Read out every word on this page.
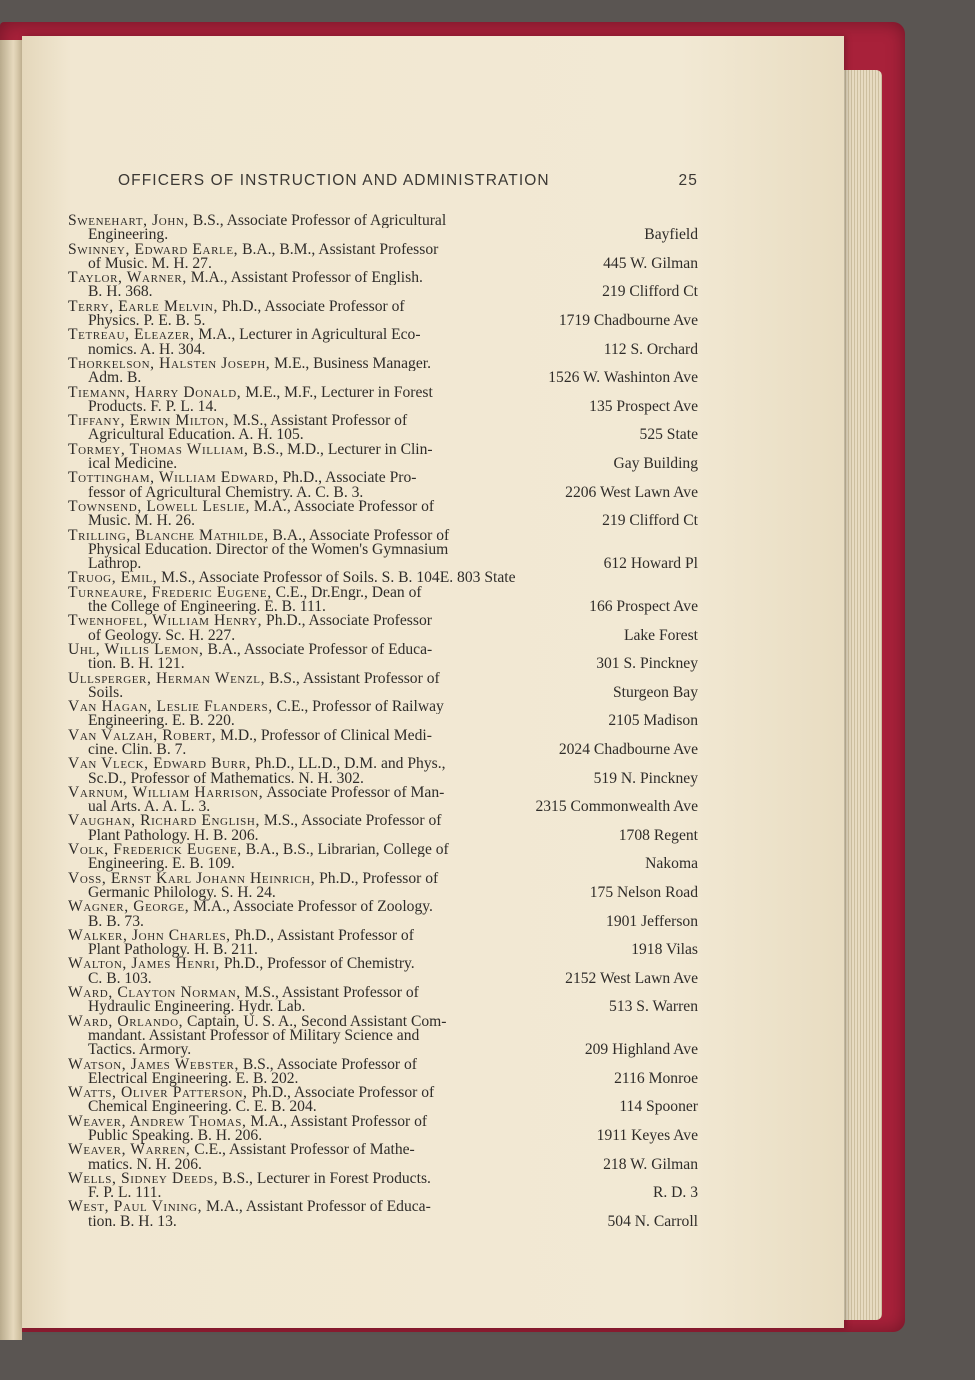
OFFICERS OF INSTRUCTION AND ADMINISTRATION	25
Swenehart, John, B.S., Associate Professor of Agricultural
Engineering.	Bayfield
Swinney, Edward Earle, B.A., B.M., Assistant Professor
of Music. M. H. 27.	445 W. Gilman
Taylor, Warner, M.A., Assistant Professor of English.
B. H. 368.	219 Clifford Ct
Terry, Earle Melvin, Ph.D., Associate Professor of
Physics. P. E. B. 5.	1719 Chadbourne Ave
Tetreau, Eleazer, M.A., Lecturer in Agricultural Eco-
nomics. A. H. 304.	112 S. Orchard
Thorkelson, Halsten Joseph, M.E., Business Manager.
Adm. B.	1526 W. Washinton Ave
Tiemann, Harry Donald, M.E., M.F., Lecturer in Forest
Products. F. P. L. 14.	135 Prospect Ave
Tiffany, Erwin Milton, M.S., Assistant Professor of
Agricultural Education. A. H. 105.	525 State
Tormey, Thomas William, B.S., M.D., Lecturer in Clin-
ical Medicine.	Gay Building
Tottingham, William Edward, Ph.D., Associate Pro-
fessor of Agricultural Chemistry. A. C. B. 3.	2206 West Lawn Ave
Townsend, Lowell Leslie, M.A., Associate Professor of
Music. M. H. 26.	219 Clifford Ct
Trilling, Blanche Mathilde, B.A., Associate Professor of
Physical Education. Director of the Women's Gymnasium
Lathrop.	612 Howard Pl
Truog, Emil, M.S., Associate Professor of Soils. S. B. 104E. 803 State
Turneaure, Frederic Eugene, C.E., Dr.Engr., Dean of
the College of Engineering. E. B. 111.	166 Prospect Ave
Twenhofel, William Henry, Ph.D., Associate Professor
of Geology. Sc. H. 227.	Lake Forest
Uhl, Willis Lemon, B.A., Associate Professor of Educa-
tion. B. H. 121.	301 S. Pinckney
Ullsperger, Herman Wenzl, B.S., Assistant Professor of
Soils.	Sturgeon Bay
Van Hagan, Leslie Flanders, C.E., Professor of Railway
Engineering. E. B. 220.	2105 Madison
Van Valzah, Robert, M.D., Professor of Clinical Medi-
cine. Clin. B. 7.	2024 Chadbourne Ave
Van Vleck, Edward Burr, Ph.D., LL.D., D.M. and Phys.,
Sc.D., Professor of Mathematics. N. H. 302.	519 N. Pinckney
Varnum, William Harrison, Associate Professor of Man-
ual Arts. A. A. L. 3.	2315 Commonwealth Ave
Vaughan, Richard English, M.S., Associate Professor of
Plant Pathology. H. B. 206.	1708 Regent
Volk, Frederick Eugene, B.A., B.S., Librarian, College of
Engineering. E. B. 109.	Nakoma
Voss, Ernst Karl Johann Heinrich, Ph.D., Professor of
Germanic Philology. S. H. 24.	175 Nelson Road
Wagner, George, M.A., Associate Professor of Zoology.
B. B. 73.	1901 Jefferson
Walker, John Charles, Ph.D., Assistant Professor of
Plant Pathology. H. B. 211.	1918 Vilas
Walton, James Henri, Ph.D., Professor of Chemistry.
C. B. 103.	2152 West Lawn Ave
Ward, Clayton Norman, M.S., Assistant Professor of
Hydraulic Engineering. Hydr. Lab.	513 S. Warren
Ward, Orlando, Captain, U. S. A., Second Assistant Com-
mandant. Assistant Professor of Military Science and
Tactics. Armory.	209 Highland Ave
Watson, James Webster, B.S., Associate Professor of
Electrical Engineering. E. B. 202.	2116 Monroe
Watts, Oliver Patterson, Ph.D., Associate Professor of
Chemical Engineering. C. E. B. 204.	114 Spooner
Weaver, Andrew Thomas, M.A., Assistant Professor of
Public Speaking. B. H. 206.	1911 Keyes Ave
Weaver, Warren, C.E., Assistant Professor of Mathe-
matics. N. H. 206.	218 W. Gilman
Wells, Sidney Deeds, B.S., Lecturer in Forest Products.
F. P. L. 111.	R. D. 3
West, Paul Vining, M.A., Assistant Professor of Educa-
tion. B. H. 13.	504 N. Carroll
